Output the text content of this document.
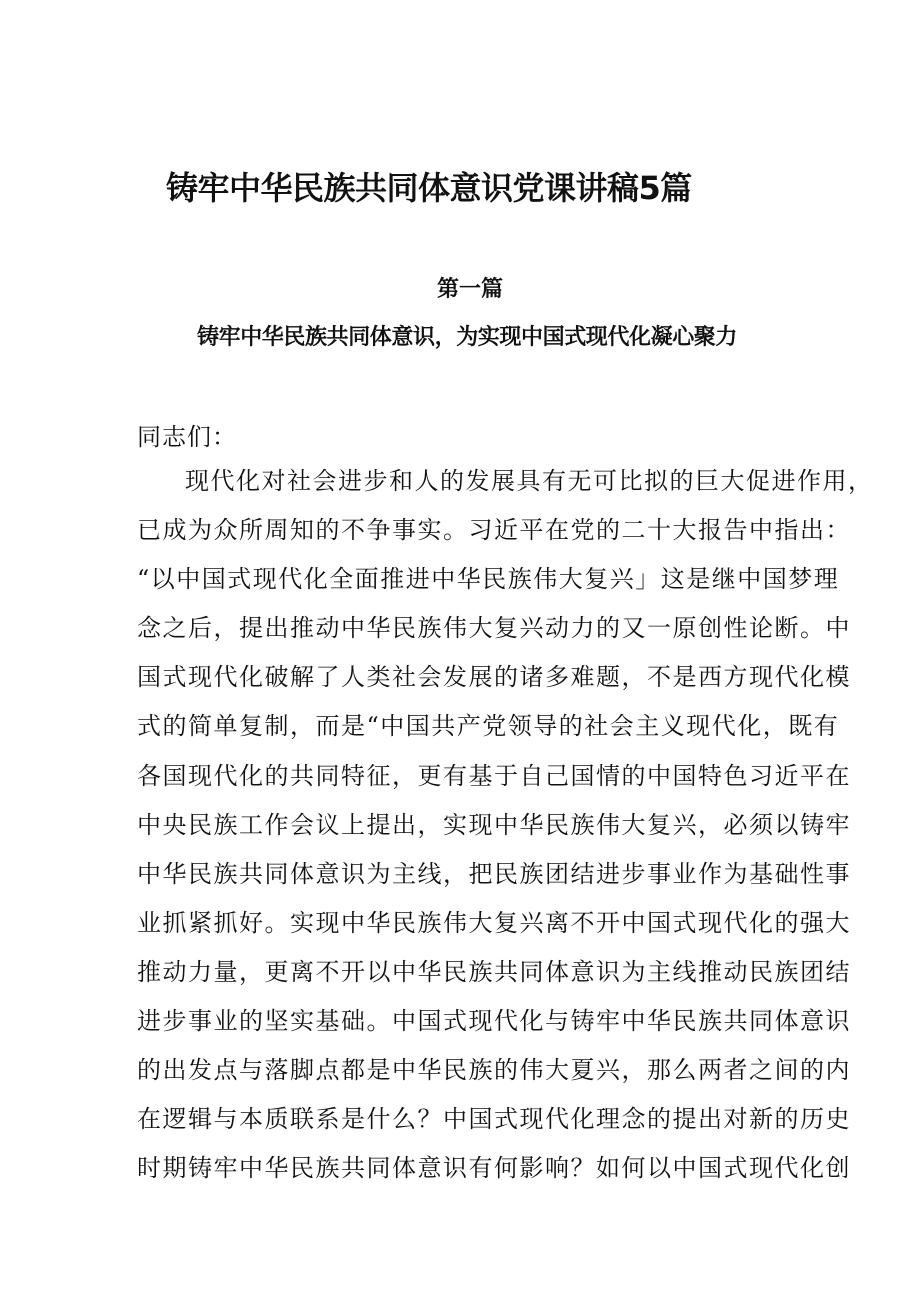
铸牢中华民族共同体意识党课讲稿5篇
第一篇
铸牢中华民族共同体意识，为实现中国式现代化凝心聚力

同志们：

现代化对社会进步和人的发展具有无可比拟的巨大促进作用，
已成为众所周知的不争事实。习近平在党的二十大报告中指出：
“以中国式现代化全面推进中华民族伟大复兴」这是继中国梦理
念之后，提出推动中华民族伟大复兴动力的又一原创性论断。中
国式现代化破解了人类社会发展的诸多难题，不是西方现代化模
式的简单复制，而是“中国共产党领导的社会主义现代化，既有
各国现代化的共同特征，更有基于自己国情的中国特色习近平在
中央民族工作会议上提出，实现中华民族伟大复兴，必须以铸牢
中华民族共同体意识为主线，把民族团结进步事业作为基础性事
业抓紧抓好。实现中华民族伟大复兴离不开中国式现代化的强大
推动力量，更离不开以中华民族共同体意识为主线推动民族团结
进步事业的坚实基础。中国式现代化与铸牢中华民族共同体意识
的出发点与落脚点都是中华民族的伟大夏兴，那么两者之间的内
在逻辑与本质联系是什么？中国式现代化理念的提出对新的历史
时期铸牢中华民族共同体意识有何影响？如何以中国式现代化创
